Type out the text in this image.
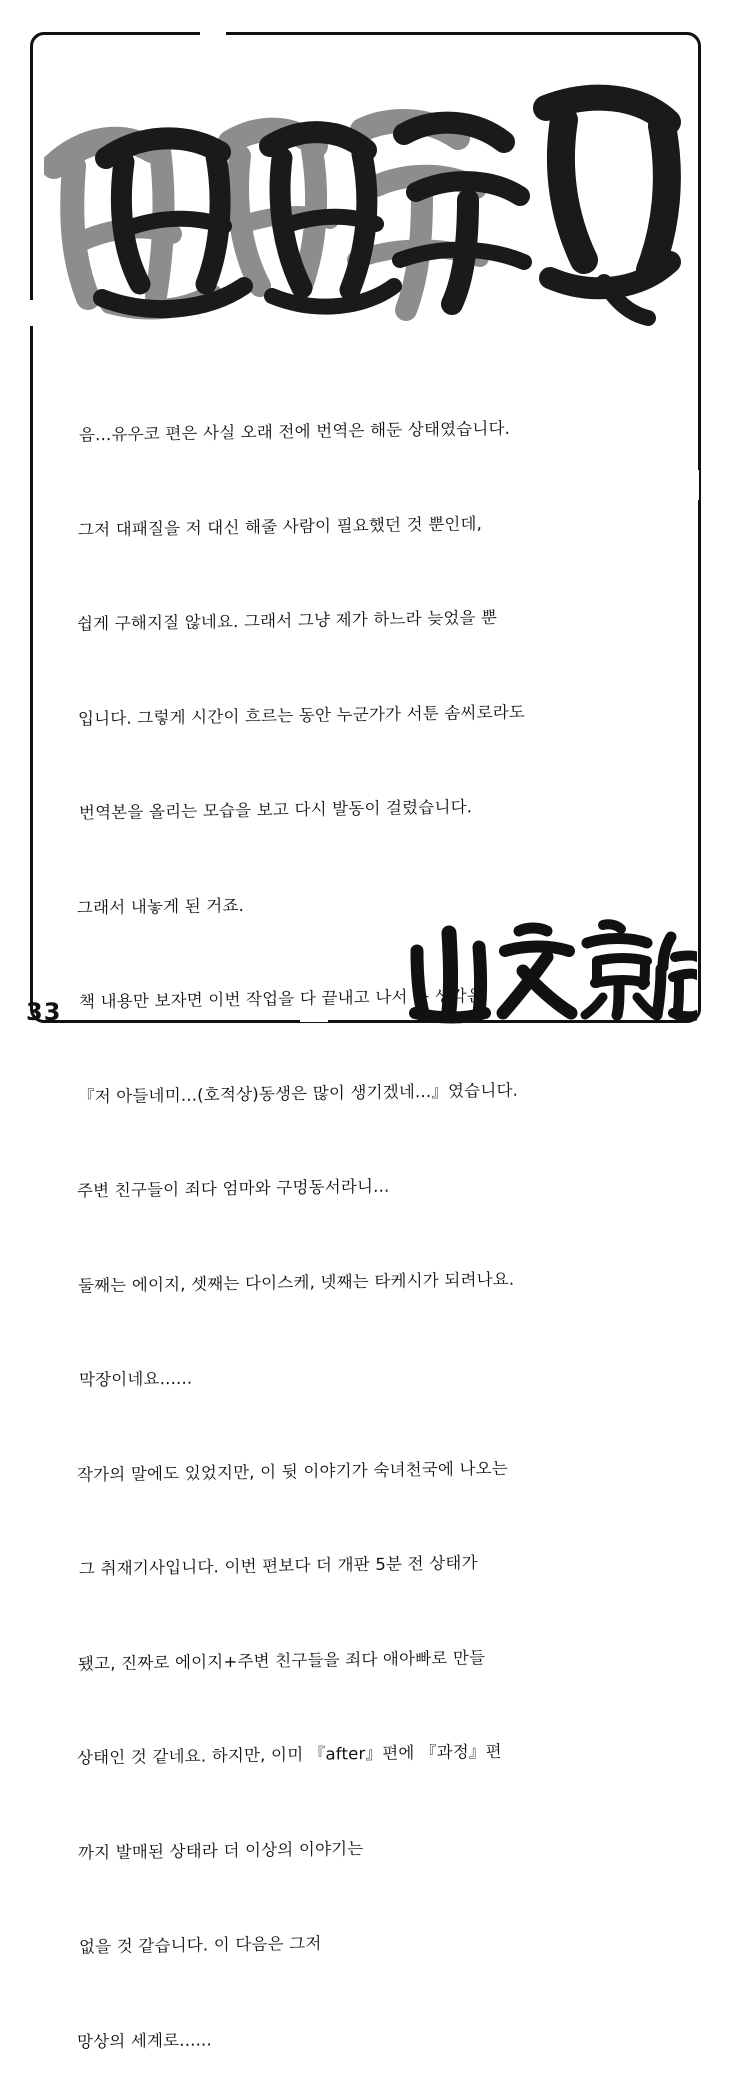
음...유우코 편은 사실 오래 전에 번역은 해둔 상태였습니다.

그저 대패질을 저 대신 해줄 사람이 필요했던 것 뿐인데,

쉽게 구해지질 않네요. 그래서 그냥 제가 하느라 늦었을 뿐

입니다. 그렇게 시간이 흐르는 동안 누군가가 서툰 솜씨로라도

번역본을 올리는 모습을 보고 다시 발동이 걸렸습니다.

그래서 내놓게 된 거죠.

책 내용만 보자면 이번 작업을 다 끝내고 나서 든 생각은,

『저 아들네미...(호적상)동생은 많이 생기겠네...』였습니다.

주변 친구들이 죄다 엄마와 구멍동서라니...

둘째는 에이지, 셋째는 다이스케, 넷째는 타케시가 되려나요.

막장이네요......

작가의 말에도 있었지만, 이 뒷 이야기가 숙녀천국에 나오는

그 취재기사입니다. 이번 편보다 더 개판 5분 전 상태가

됐고, 진짜로 에이지+주변 친구들을 죄다 애아빠로 만들

상태인 것 같네요. 하지만, 이미 『after』편에 『과정』편

까지 발매된 상태라 더 이상의 이야기는

없을 것 같습니다. 이 다음은 그저

망상의 세계로......

33
